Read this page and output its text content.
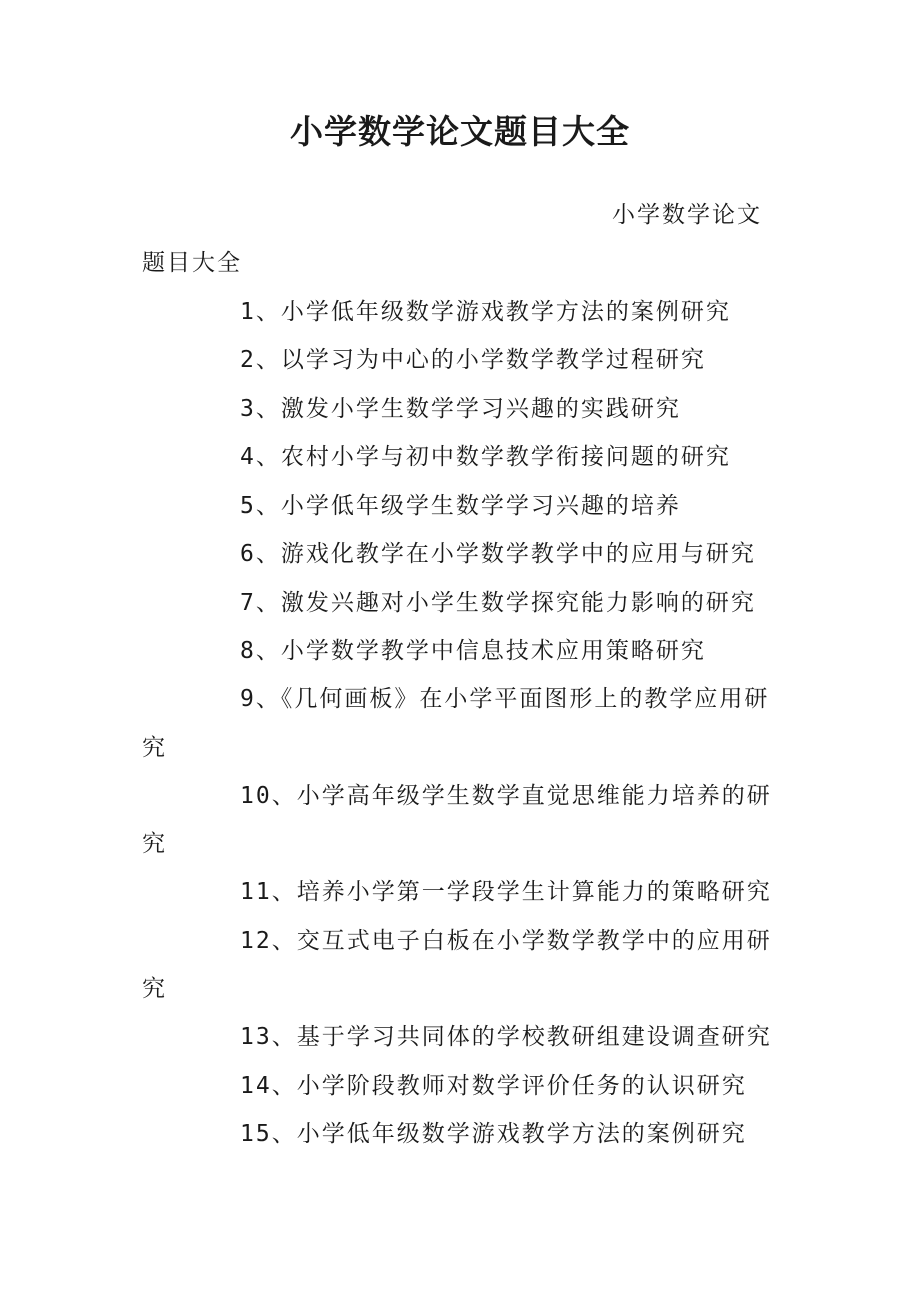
小学数学论文题目大全
小学数学论文
题目大全
1、小学低年级数学游戏教学方法的案例研究
2、以学习为中心的小学数学教学过程研究
3、激发小学生数学学习兴趣的实践研究
4、农村小学与初中数学教学衔接问题的研究
5、小学低年级学生数学学习兴趣的培养
6、游戏化教学在小学数学教学中的应用与研究
7、激发兴趣对小学生数学探究能力影响的研究
8、小学数学教学中信息技术应用策略研究
9、《几何画板》在小学平面图形上的教学应用研
究
10、小学高年级学生数学直觉思维能力培养的研
究
11、培养小学第一学段学生计算能力的策略研究
12、交互式电子白板在小学数学教学中的应用研
究
13、基于学习共同体的学校教研组建设调查研究
14、小学阶段教师对数学评价任务的认识研究
15、小学低年级数学游戏教学方法的案例研究
